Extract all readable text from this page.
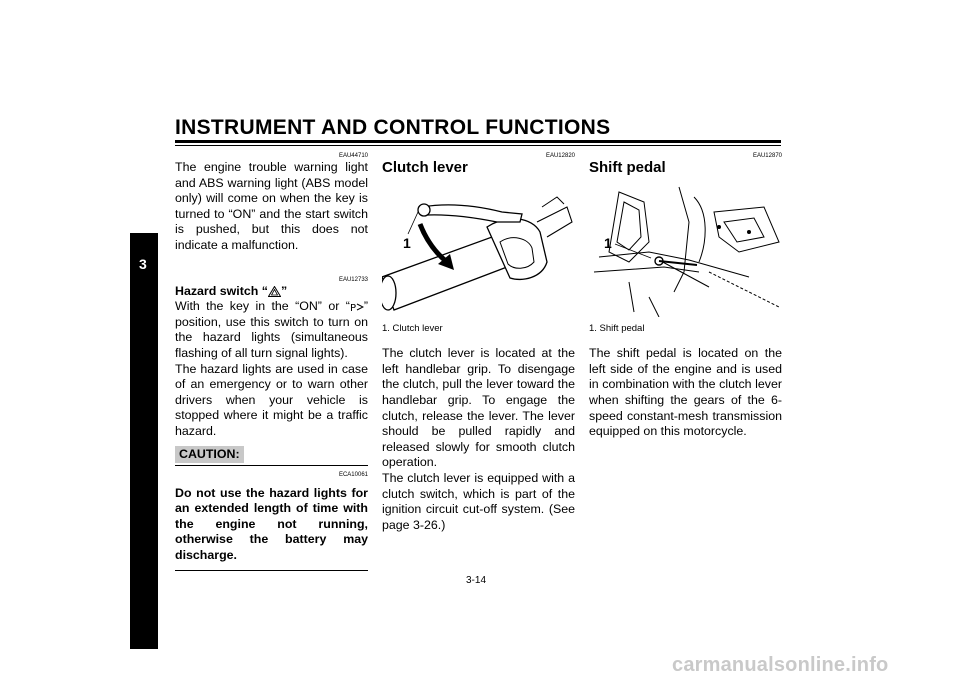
INSTRUMENT AND CONTROL FUNCTIONS
3
EAU44710

The engine trouble warning light and ABS warning light (ABS model only) will come on when the key is turned to “ON” and the start switch is pushed, but this does not indicate a malfunction.

EAU12733

Hazard switch “ ”

With the key in the “ON” or “ P ” position, use this switch to turn on the hazard lights (simultaneous flashing of all turn signal lights).

The hazard lights are used in case of an emergency or to warn other drivers when your vehicle is stopped where it might be a traffic hazard.

CAUTION:
ECA10061

Do not use the hazard lights for an extended length of time with the engine not running, otherwise the battery may discharge.

EAU12820

Clutch lever

1

1. Clutch lever

The clutch lever is located at the left handlebar grip. To disengage the clutch, pull the lever toward the handlebar grip. To engage the clutch, release the lever. The lever should be pulled rapidly and released slowly for smooth clutch operation.

The clutch lever is equipped with a clutch switch, which is part of the ignition circuit cut-off system. (See page 3-26.)

EAU12870

Shift pedal

1

1. Shift pedal

The shift pedal is located on the left side of the engine and is used in combination with the clutch lever when shifting the gears of the 6-speed constant-mesh transmission equipped on this motorcycle.

3-14
carmanualsonline.info
